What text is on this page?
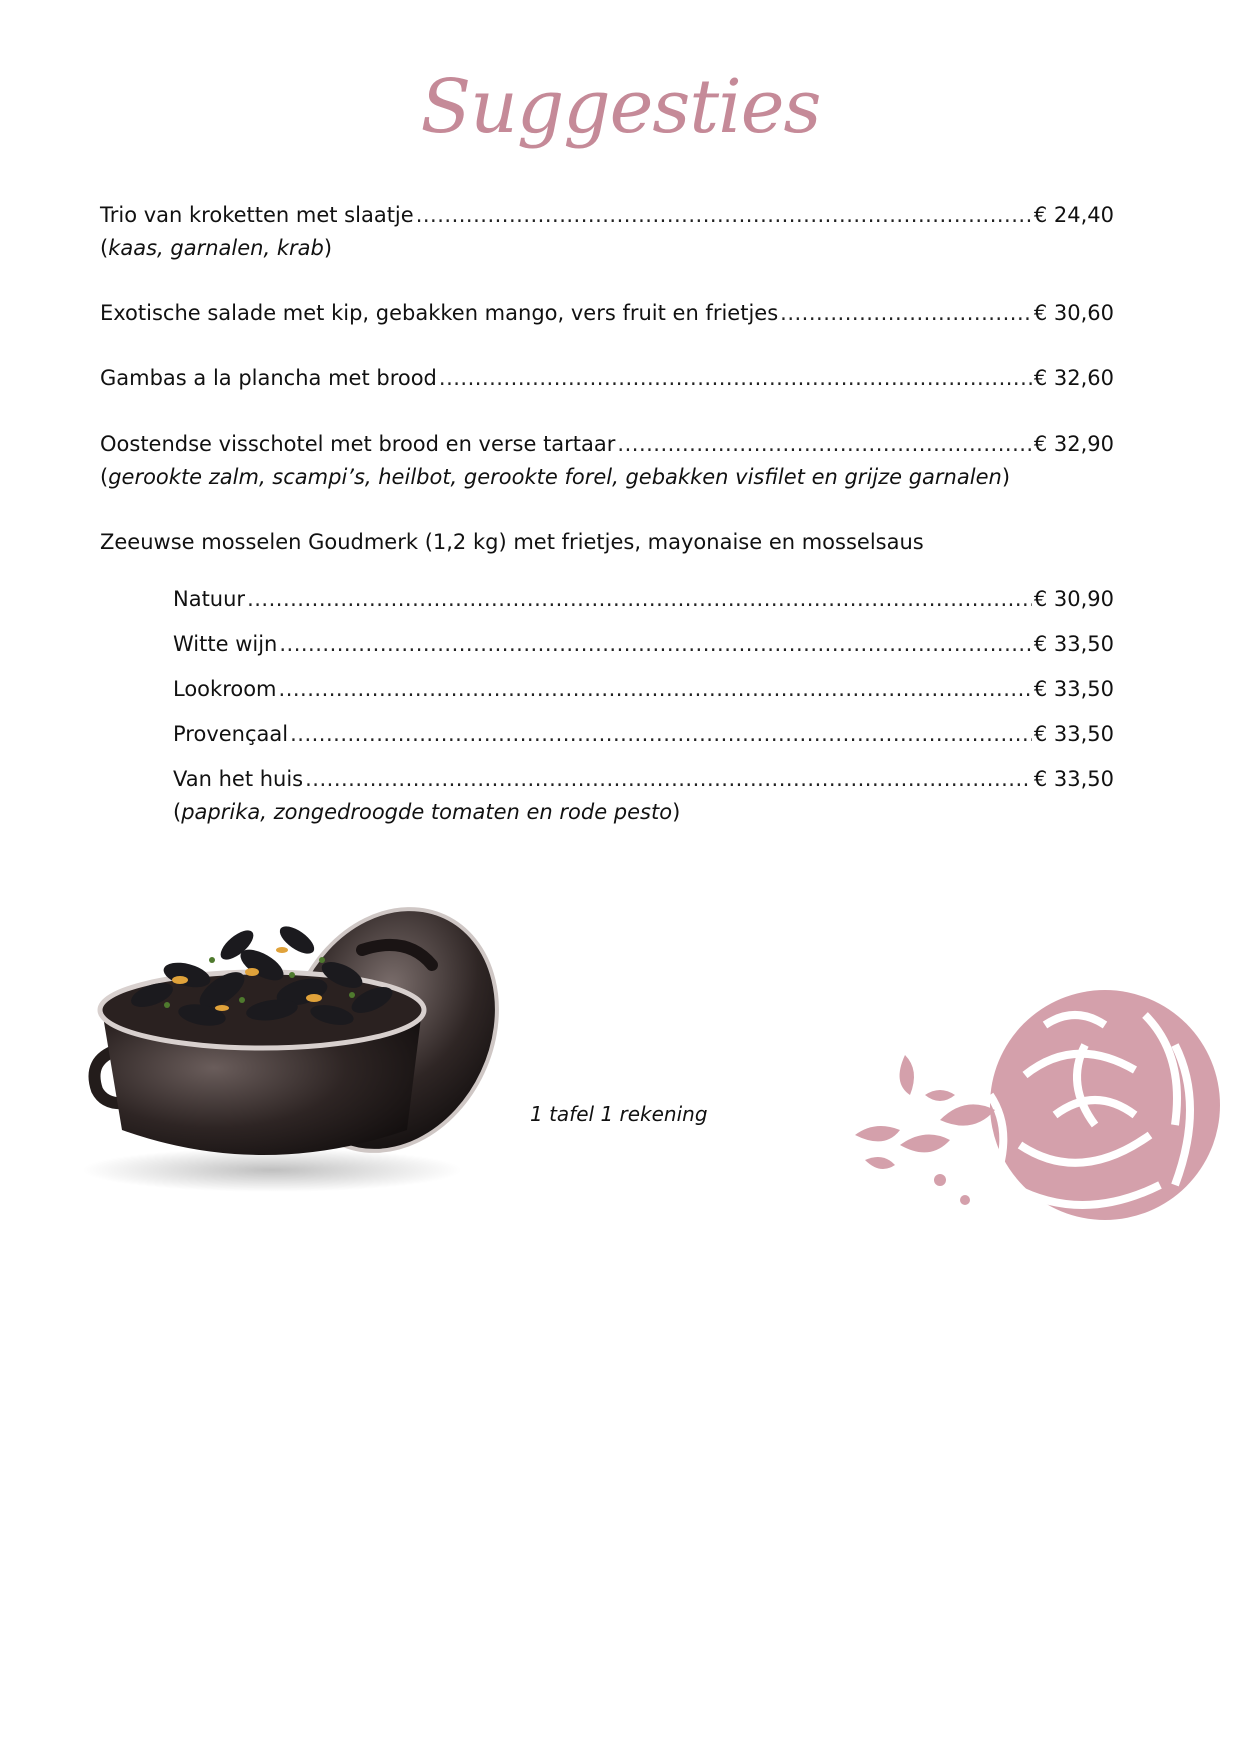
Suggesties
Trio van kroketten met slaatje .....	€ 24,40
(kaas, garnalen, krab)
Exotische salade met kip, gebakken mango, vers fruit en frietjes .....	€ 30,60
Gambas a la plancha met brood .....	€ 32,60
Oostendse visschotel met brood en verse tartaar .....	€ 32,90
(gerookte zalm, scampi’s, heilbot, gerookte forel, gebakken visfilet en grijze garnalen)
Zeeuwse mosselen Goudmerk (1,2 kg) met frietjes, mayonaise en mosselsaus
Natuur .....	€ 30,90
Witte wijn .....	€ 33,50
Lookroom .....	€ 33,50
Provençaal .....	€ 33,50
Van het huis .....	€ 33,50
(paprika, zongedroogde tomaten en rode pesto)
1 tafel 1 rekening
